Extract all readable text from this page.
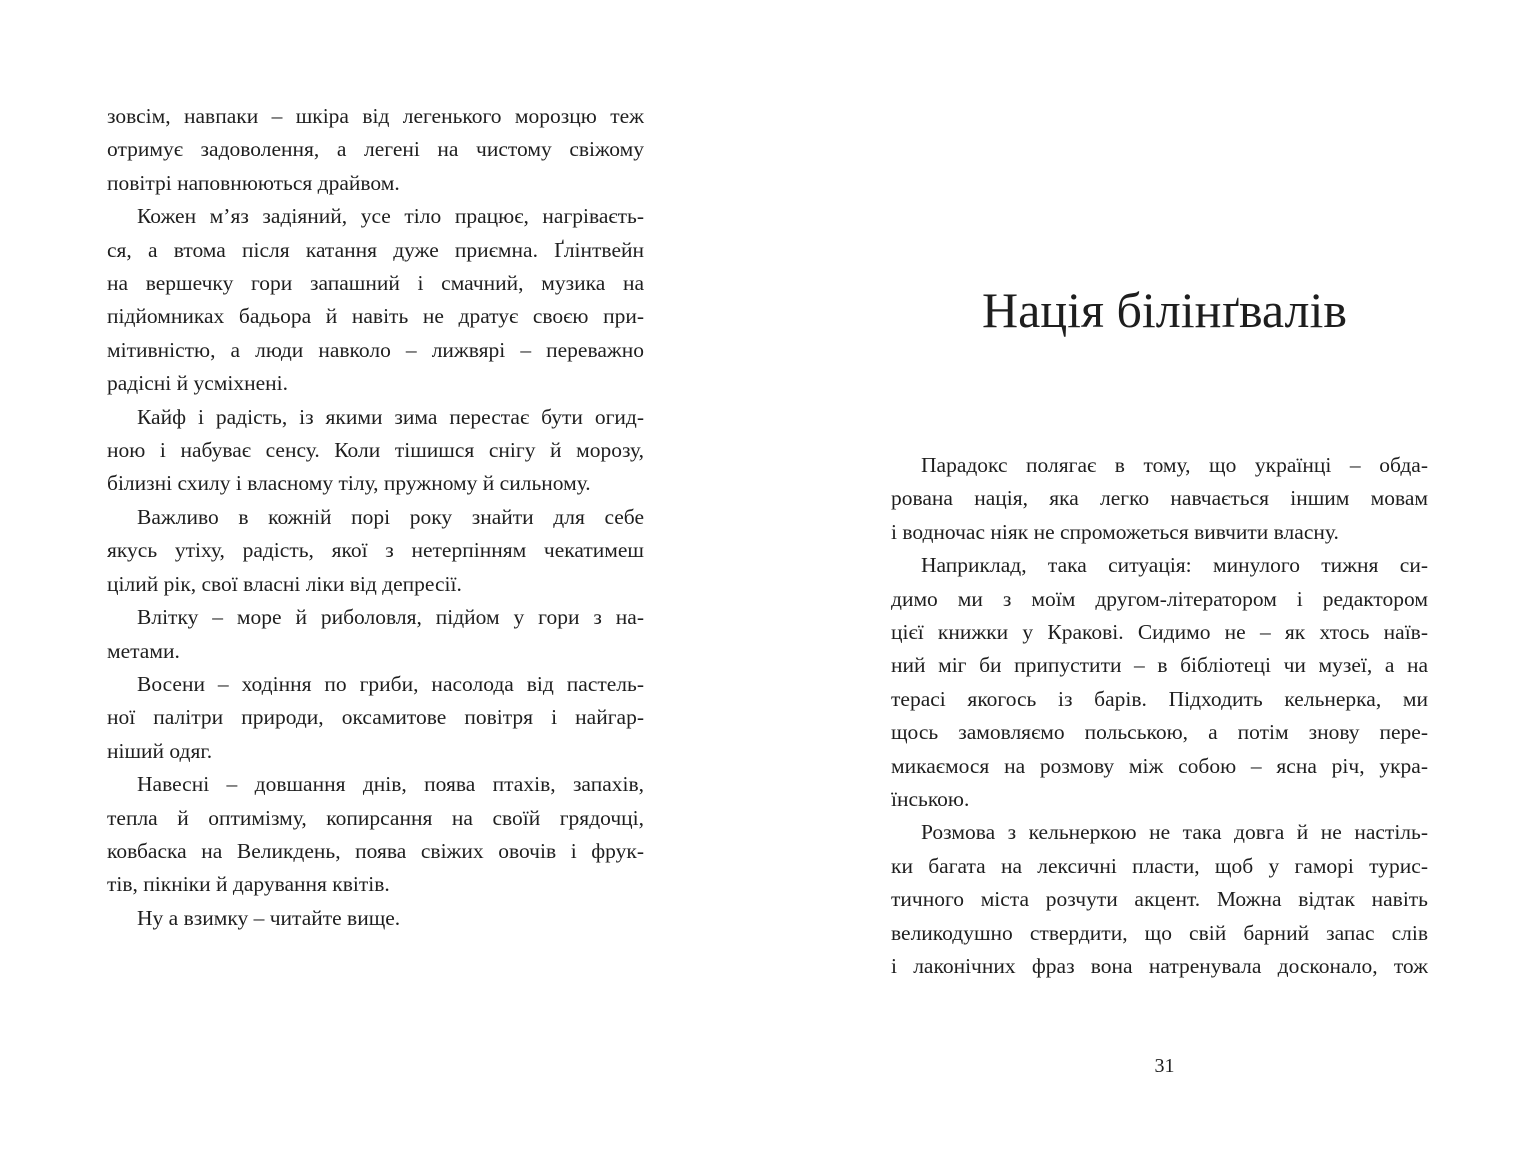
зовсім, навпаки – шкіра від легенького морозцю теж
отримує задоволення, а легені на чистому свіжому
повітрі наповнюються драйвом.
Кожен м’яз задіяний, усе тіло працює, нагріваєть-
ся, а втома після катання дуже приємна. Ґлінтвейн
на вершечку гори запашний і смачний, музика на
підйомниках бадьора й навіть не дратує своєю при-
мітивністю, а люди навколо – лижвярі – переважно
радісні й усміхнені.
Кайф і радість, із якими зима перестає бути огид-
ною і набуває сенсу. Коли тішишся снігу й морозу,
білизні схилу і власному тілу, пружному й сильному.
Важливо в кожній порі року знайти для себе
якусь утіху, радість, якої з нетерпінням чекатимеш
цілий рік, свої власні ліки від депресії.
Влітку – море й риболовля, підйом у гори з на-
метами.
Восени – ходіння по гриби, насолода від пастель-
ної палітри природи, оксамитове повітря і найгар-
ніший одяг.
Навесні – довшання днів, поява птахів, запахів,
тепла й оптимізму, копирсання на своїй грядочці,
ковбаска на Великдень, поява свіжих овочів і фрук-
тів, пікніки й дарування квітів.
Ну а взимку – читайте вище.
Нація білінґвалів
Парадокс полягає в тому, що українці – обда-
рована нація, яка легко навчається іншим мовам
і водночас ніяк не спроможеться вивчити власну.
Наприклад, така ситуація: минулого тижня си-
димо ми з моїм другом-літератором і редактором
цієї книжки у Кракові. Сидимо не – як хтось наїв-
ний міг би припустити – в бібліотеці чи музеї, а на
терасі якогось із барів. Підходить кельнерка, ми
щось замовляємо польською, а потім знову пере-
микаємося на розмову між собою – ясна річ, укра-
їнською.
Розмова з кельнеркою не така довга й не настіль-
ки багата на лексичні пласти, щоб у гаморі турис-
тичного міста розчути акцент. Можна відтак навіть
великодушно ствердити, що свій барний запас слів
і лаконічних фраз вона натренувала досконало, тож
31
